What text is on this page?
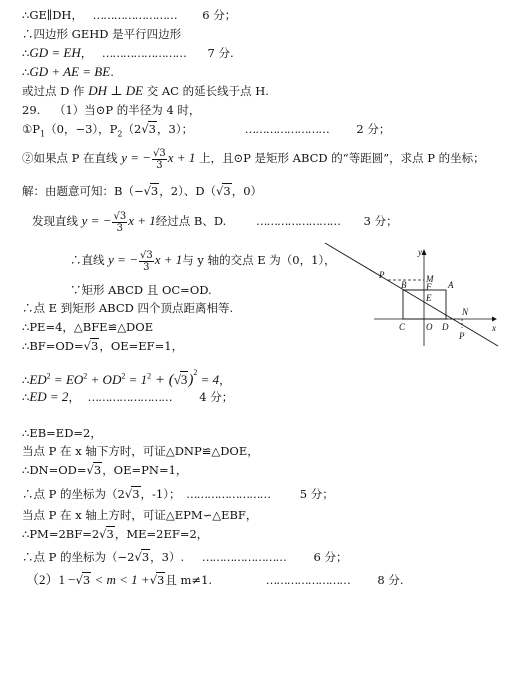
∴GE∥DH， …………………… 6 分；
∴四边形 GEHD 是平行四边形
∴GD = EH， …………………… 7 分.
∴GD + AE = BE.
或过点 D 作 DH ⊥ DE 交 AC 的延长线于点 H.
29. （1）当⊙P 的半径为 4 时，
$①P_1(0$，−3），$P_2(2√3$，3）；	…………………… 2 分；
②如果点 P 在直线 y = − $\frac{√3}{3}$ x + 1 上，且⊙P 是矩形 ABCD 的“等距圆”，求点 P 的坐标；
解：由题意可知：B（−√3，2）、D（√3，0）
发现直线 y = − $\frac{√3}{3}$ x + 1经过点 B、D.	…………………… 3 分；
∴直线 y = − $\frac{√3}{3}$ x + 1与 y 轴的交点 E 为（0，1），
∵矩形 ABCD 且 OC=OD.
∴点 E 到矩形 ABCD 四个顶点距离相等.
∴PE=4，△BFE≌△DOE
∴BF=OD=√3，OE=EF=1，
$\therefore ED^2 = EO^2 + OD^2 = 1^2 + (√3)^2 = 4$，
∴ED = 2， …………………… 4 分；
∴EB=ED=2，
当点 P 在 x 轴下方时，可证△DNP≌△DOE，
∴DN=OD=√3，OE=PN=1，
∴点 P 的坐标为（2√3，-1）； ……………………	5 分；
当点 P 在 x 轴上方时，可证△EPM∽△EBF，
∴PM=2BF=2√3，ME=2EF=2，
∴点 P 的坐标为（−2√3，3）. …………………… 6 分；
（2）1 −√3 < m < 1 +√3且 m≠1.	…………………… 8 分.
y
x
P	M
B F A
E
C O D
N
P
